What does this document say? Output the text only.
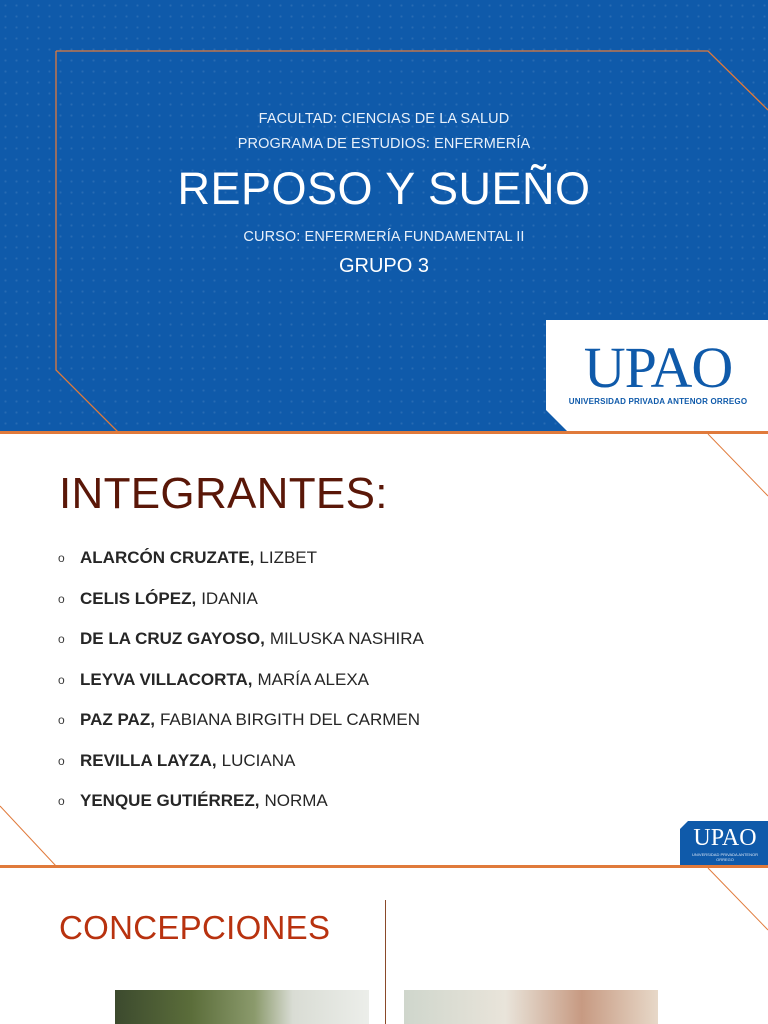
FACULTAD: CIENCIAS DE LA SALUD
PROGRAMA DE ESTUDIOS: ENFERMERÍA
REPOSO Y SUEÑO
CURSO: ENFERMERÍA FUNDAMENTAL II
GRUPO 3
UPAO
UNIVERSIDAD PRIVADA ANTENOR ORREGO
INTEGRANTES:
o ALARCÓN CRUZATE, LIZBET
o CELIS LÓPEZ, IDANIA
o DE LA CRUZ GAYOSO, MILUSKA NASHIRA
o LEYVA VILLACORTA, MARÍA ALEXA
o PAZ PAZ, FABIANA BIRGITH DEL CARMEN
o REVILLA LAYZA, LUCIANA
o YENQUE GUTIÉRREZ, NORMA
UPAO
UNIVERSIDAD PRIVADA ANTENOR ORREGO
CONCEPCIONES
